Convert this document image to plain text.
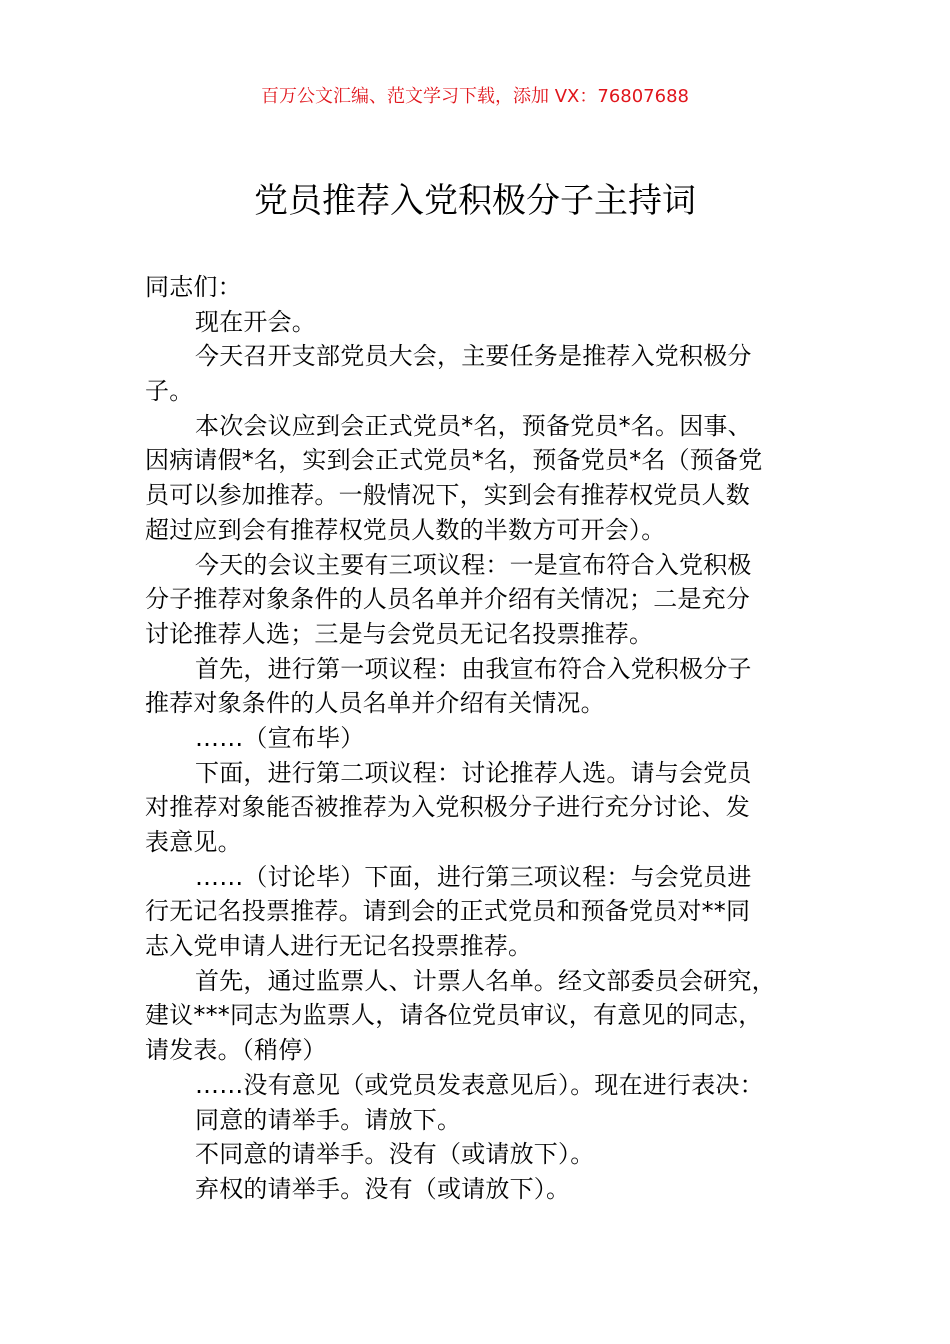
百万公文汇编、范文学习下载，添加 VX：76807688
党员推荐入党积极分子主持词
同志们：
现在开会。
今天召开支部党员大会，主要任务是推荐入党积极分
子。
本次会议应到会正式党员*名，预备党员*名。因事、
因病请假*名，实到会正式党员*名，预备党员*名（预备党
员可以参加推荐。一般情况下，实到会有推荐权党员人数
超过应到会有推荐权党员人数的半数方可开会）。
今天的会议主要有三项议程：一是宣布符合入党积极
分子推荐对象条件的人员名单并介绍有关情况；二是充分
讨论推荐人选；三是与会党员无记名投票推荐。
首先，进行第一项议程：由我宣布符合入党积极分子
推荐对象条件的人员名单并介绍有关情况。
……（宣布毕）
下面，进行第二项议程：讨论推荐人选。请与会党员
对推荐对象能否被推荐为入党积极分子进行充分讨论、发
表意见。
……（讨论毕）下面，进行第三项议程：与会党员进
行无记名投票推荐。请到会的正式党员和预备党员对**同
志入党申请人进行无记名投票推荐。
首先，通过监票人、计票人名单。经文部委员会研究，
建议***同志为监票人，请各位党员审议，有意见的同志，
请发表。（稍停）
……没有意见（或党员发表意见后）。现在进行表决：
同意的请举手。请放下。
不同意的请举手。没有（或请放下）。
弃权的请举手。没有（或请放下）。
